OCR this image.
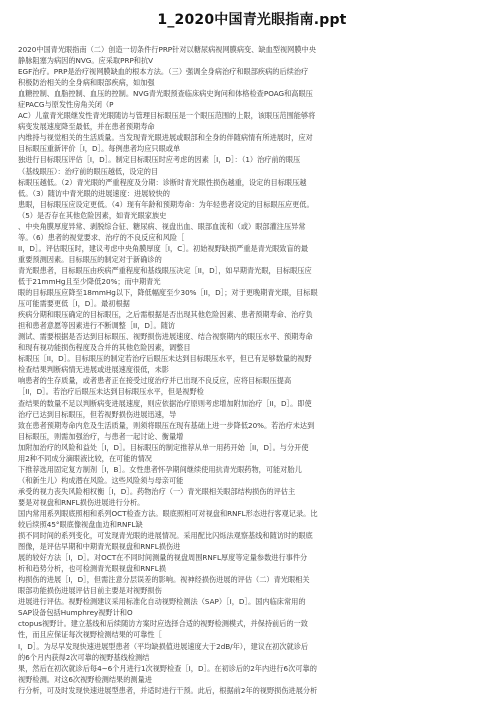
1_2020中国青光眼指南.ppt
2020中国青光眼指南（二）创造一切条件行PRP针对以糖尿病视网膜病变、缺血型视网膜中央
静脉阻塞为病因的NVG。应采取PRP和抗V
EGF治疗。PRP是治疗视网膜缺血的根本方法。（三）强调全身病治疗和眼部疾病的后续治疗
积极防治相关的全身病和眼部疾病，如加强
血糖控制、血脂控制、血压的控制。NVG青光眼预查临床病史询问和体格检查POAG和高眼压
症PACG与原发性房角关闭（P
AC）儿童青光眼继发性青光眼随访与管理目标眼压是一个眼压范围的上限，该眼压范围能够将
病变发展速度降至最低，并在患者预期寿命
内维持与视觉相关的生活质量。当发现青光眼进展或眼部和全身的伴随病情有所进展时，应对
目标眼压重新评价［I，D］。每例患者均应只眼或单
独进行目标眼压评估［I，D］。制定目标眼压时应考虑的因素［I，D］：（1）治疗前的眼压
（基线眼压）：治疗前的眼压越低，设定的目
标眼压越低。（2）青光眼的严重程度及分期：诊断时青光眼性损伤越重，设定的目标眼压越
低。（3）随访中青光眼的进展速度：进展较快的
患眼，目标眼压应设定更低。（4）现有年龄和预期寿命：为年轻患者设定的目标眼压应更低。
（5）是否存在其他危险因素，如青光眼家族史
、中央角膜厚度异常、剥脱综合征、糖尿病、视盘出血、眼部血流和（或）眼部灌注压异常
等。（6）患者的视觉要求、治疗的不良反应和风险［
II，D］。评估眼压时，建议考虑中央角膜厚度［I，C］。初始视野缺损严重是青光眼致盲的最
重要预测因素。目标眼压的制定对于新确诊的
青光眼患者，目标眼压由疾病严重程度和基线眼压决定［II，D］，如早期青光眼，目标眼压应
低于21mmHg且至少降低20%；而中期青光
眼的目标眼压应降至18mmHg以下，降低幅度至少30%［II，D］；对于更晚期青光眼，目标眼
压可能需要更低［I，D］。最初根据
疾病分期和眼压确定的目标眼压，之后需根据是否出现其他危险因素、患者预期寿命、治疗负
担和患者意愿等因素进行不断调整［II，D］。随访
测试、需要根据是否达到目标眼压、视野损伤进展速度、结合视察期内的眼压水平、预期寿命
和现有视功能损伤程度及合并的其他危险因素，调整目
标眼压［II，D］。目标眼压的制定若治疗后眼压未达到目标眼压水平，但已有足够数量的视野
检查结果判断病情无进展或进展速度很低，未影
响患者的生存质量，或者患者正在接受过度治疗并已出现不良反应，应将目标眼压提高
［II，D］。若治疗后眼压未达到目标眼压水平，但是视野检
查结果的数量不足以判断病变进展速度，则应依据治疗原则考虑增加附加治疗［II，D］。即使
治疗已达到目标眼压，但若视野损伤进展迅速，导
致在患者预期寿命内危及生活质量，则须将眼压在现有基础上进一步降低20%。若治疗未达到
目标眼压，则需加强治疗，与患者一起讨论、衡量增
加附加治疗的风险和益处［I，D］。目标眼压的制定推荐从单一用药开始［II，D］。与分开使
用2种不同成分滴眼液比较，在可能的情况
下推荐选用固定复方制剂［I，B］。女性患者怀孕期间继续使用抗青光眼药物，可能对胎儿
（和新生儿）构成潜在风险。这些风险须与母亲可能
承受的视力丧失风险相权衡［I，D］。药物治疗（一）青光眼相关眼部结构损伤的评估主
要是对视盘和RNFL损伤进展进行分析。
国内常用系列眼底照相和系列OCT检查方法。眼底照相可对视盘和RNFL形态进行客观记录。比
较后续照45°眼底像视盘血边和RNFL缺
损不同时间的系列变化，可发现青光眼的进展情况。采用配比闪烁法观察基线和随访时的眼底
图像，是评估早期和中期青光眼视盘和RNFL损伤进
展的较好方法［I，D］。对OCT在不同时间测量的视盘周围RNFL厚度等定量参数进行事件分
析和趋势分析，也可检测青光眼视盘和RNFL损
构损伤的进展［I，D］，但需注意分层误差的影响。视神经损伤进展的评估（二）青光眼相关
眼部功能损伤进展评估目前主要是对视野损伤
进展进行评估。视野检测建议采用标准化自动视野检测法（SAP）［I，D］。国内临床常用的
SAP设备包括Humphrey视野计和O
ctopus视野计。建立基线和后续随访方案时应选择合适的视野检测模式，并保持前后的一致
性，而且应保证每次视野检测结果的可靠性［
I，D］。为尽早发现快速进展型患者（平均缺损值进展速度大于2dB/年），建议在初次就诊后
的6个月内获得2次可靠的视野基线检测结
果，然后在初次就诊后每4~6个月进行1次视野检查［I，D］。在初诊后的2年内进行6次可靠的
视野检测。对这6次视野检测结果的测量进
行分析，可及时发现快速进展型患者，并适时进行干预。此后，根据前2年的视野损伤进展分析
